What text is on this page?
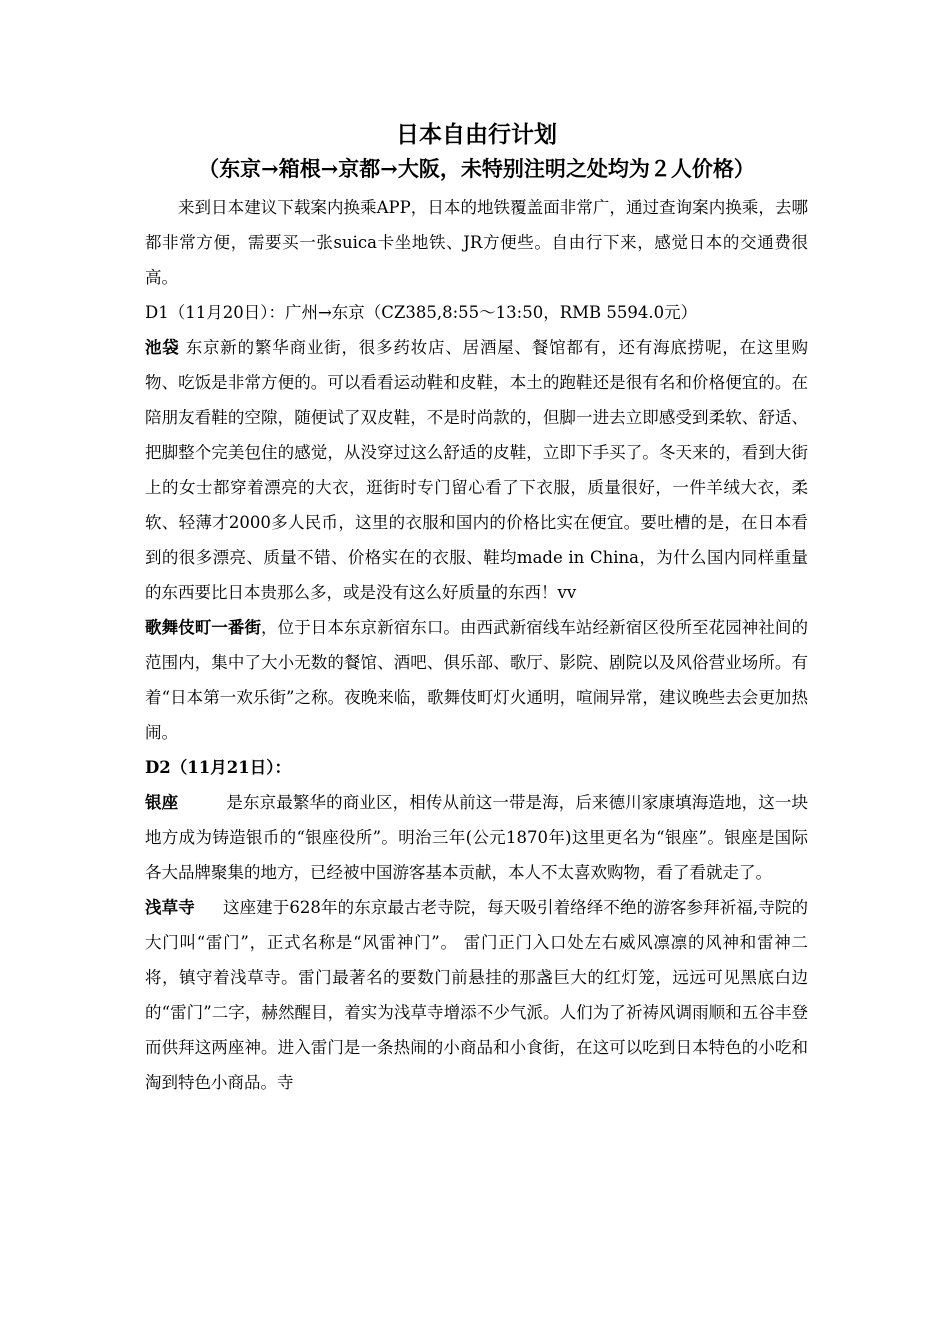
日本自由行计划
（东京→箱根→京都→大阪，未特别注明之处均为２人价格）

来到日本建议下载案内换乘APP，日本的地铁覆盖面非常广，通过查询案内换乘，去哪都非常方便，需要买一张suica卡坐地铁、JR方便些。自由行下来，感觉日本的交通费很高。

D1（11月20日）：广州→东京（CZ385,8:55～13:50，RMB 5594.0元）

池袋 东京新的繁华商业街，很多药妆店、居酒屋、餐馆都有，还有海底捞呢，在这里购物、吃饭是非常方便的。可以看看运动鞋和皮鞋，本土的跑鞋还是很有名和价格便宜的。在陪朋友看鞋的空隙，随便试了双皮鞋，不是时尚款的，但脚一进去立即感受到柔软、舒适、把脚整个完美包住的感觉，从没穿过这么舒适的皮鞋，立即下手买了。冬天来的，看到大街上的女士都穿着漂亮的大衣，逛街时专门留心看了下衣服，质量很好，一件羊绒大衣，柔软、轻薄才2000多人民币，这里的衣服和国内的价格比实在便宜。要吐槽的是，在日本看到的很多漂亮、质量不错、价格实在的衣服、鞋均made in China，为什么国内同样重量的东西要比日本贵那么多，或是没有这么好质量的东西！vv

歌舞伎町一番街，位于日本东京新宿东口。由西武新宿线车站经新宿区役所至花园神社间的范围内，集中了大小无数的餐馆、酒吧、俱乐部、歌厅、影院、剧院以及风俗营业场所。有着“日本第一欢乐街”之称。夜晚来临，歌舞伎町灯火通明，喧闹异常，建议晚些去会更加热闹。

D2（11月21日）：

银座	是东京最繁华的商业区，相传从前这一带是海，后来德川家康填海造地，这一块地方成为铸造银币的“银座役所”。明治三年(公元1870年)这里更名为“银座”。银座是国际各大品牌聚集的地方，已经被中国游客基本贡献，本人不太喜欢购物，看了看就走了。

浅草寺 这座建于628年的东京最古老寺院，每天吸引着络绎不绝的游客参拜祈福,寺院的大门叫“雷门”，正式名称是“风雷神门”。 雷门正门入口处左右威风凛凛的风神和雷神二将，镇守着浅草寺。雷门最著名的要数门前悬挂的那盏巨大的红灯笼，远远可见黑底白边的“雷门”二字，赫然醒目，着实为浅草寺增添不少气派。人们为了祈祷风调雨顺和五谷丰登而供拜这两座神。进入雷门是一条热闹的小商品和小食街，在这可以吃到日本特色的小吃和淘到特色小商品。寺
